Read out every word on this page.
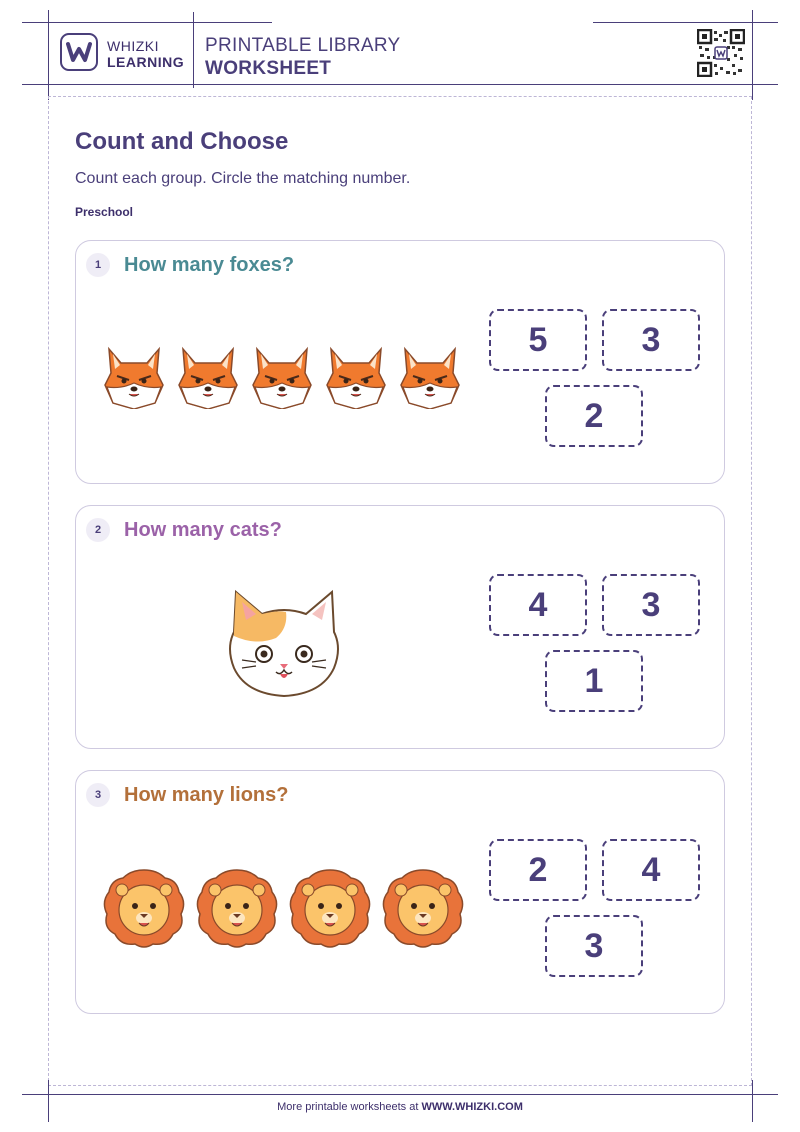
WHIZKI
LEARNING
PRINTABLE LIBRARY
WORKSHEET
Count and Choose
Count each group. Circle the matching number.
Preschool
1	How many foxes?
5	3
2
2	How many cats?
4	3
1
3	How many lions?
2	4
3
More printable worksheets at WWW.WHIZKI.COM
